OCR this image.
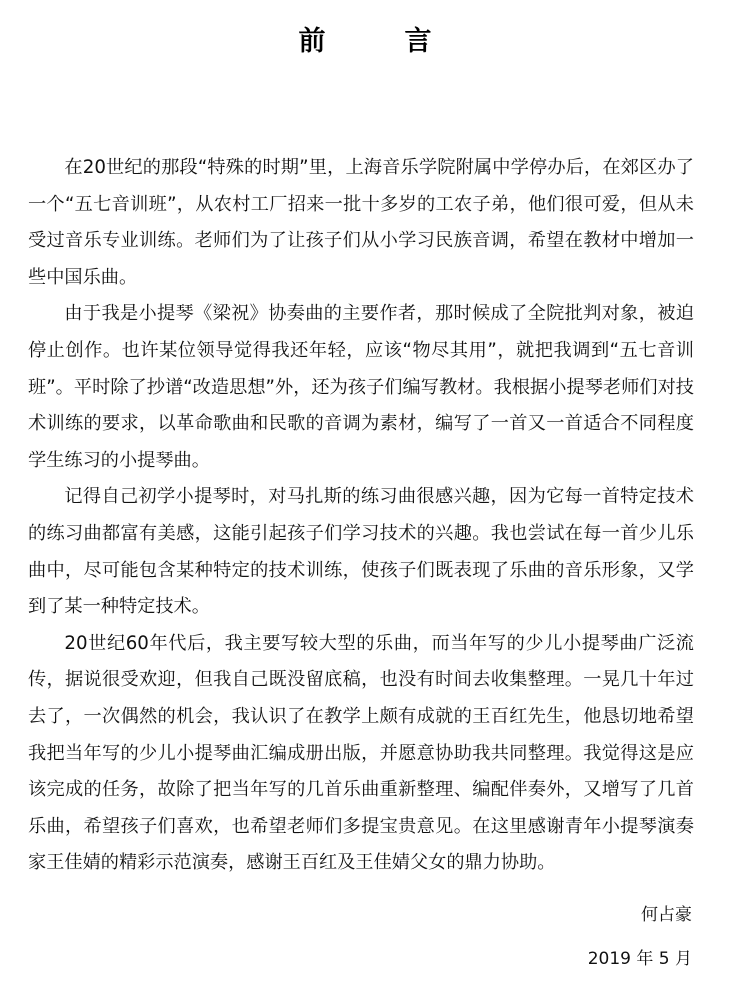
前　言

在20世纪的那段“特殊的时期”里，上海音乐学院附属中学停办后，在郊区办了一个“五七音训班”，从农村工厂招来一批十多岁的工农子弟，他们很可爱，但从未受过音乐专业训练。老师们为了让孩子们从小学习民族音调，希望在教材中增加一些中国乐曲。

由于我是小提琴《梁祝》协奏曲的主要作者，那时候成了全院批判对象，被迫停止创作。也许某位领导觉得我还年轻，应该“物尽其用”，就把我调到“五七音训班”。平时除了抄谱“改造思想”外，还为孩子们编写教材。我根据小提琴老师们对技术训练的要求，以革命歌曲和民歌的音调为素材，编写了一首又一首适合不同程度学生练习的小提琴曲。

记得自己初学小提琴时，对马扎斯的练习曲很感兴趣，因为它每一首特定技术的练习曲都富有美感，这能引起孩子们学习技术的兴趣。我也尝试在每一首少儿乐曲中，尽可能包含某种特定的技术训练，使孩子们既表现了乐曲的音乐形象，又学到了某一种特定技术。

20世纪60年代后，我主要写较大型的乐曲，而当年写的少儿小提琴曲广泛流传，据说很受欢迎，但我自己既没留底稿，也没有时间去收集整理。一晃几十年过去了，一次偶然的机会，我认识了在教学上颇有成就的王百红先生，他恳切地希望我把当年写的少儿小提琴曲汇编成册出版，并愿意协助我共同整理。我觉得这是应该完成的任务，故除了把当年写的几首乐曲重新整理、编配伴奏外，又增写了几首乐曲，希望孩子们喜欢，也希望老师们多提宝贵意见。在这里感谢青年小提琴演奏家王佳婧的精彩示范演奏，感谢王百红及王佳婧父女的鼎力协助。

何占豪
2019 年 5 月
